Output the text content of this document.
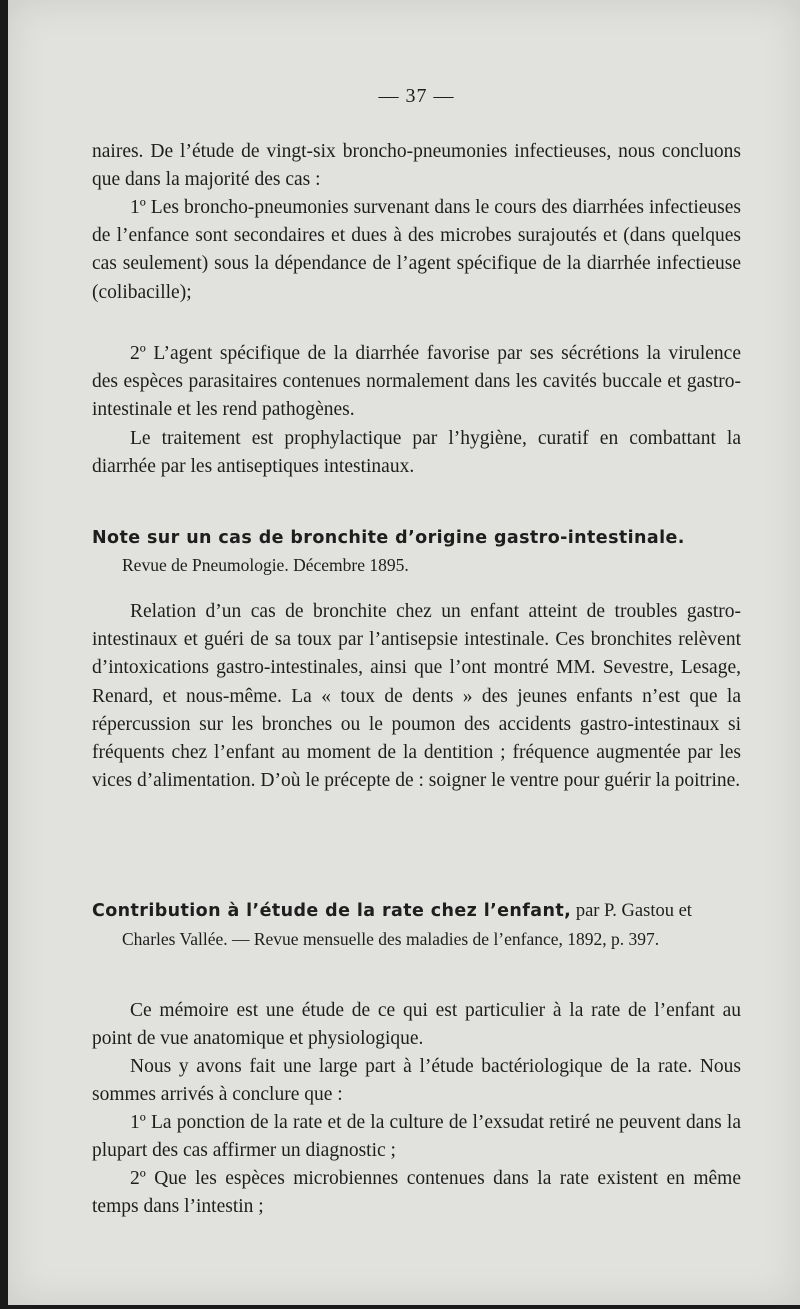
— 37 —

naires. De l’étude de vingt-six broncho-pneumonies infectieuses, nous concluons que dans la majorité des cas :

1º Les broncho-pneumonies survenant dans le cours des diarrhées infectieuses de l’enfance sont secondaires et dues à des microbes surajoutés et (dans quelques cas seulement) sous la dépendance de l’agent spécifique de la diarrhée infectieuse (colibacille);

2º L’agent spécifique de la diarrhée favorise par ses sécrétions la virulence des espèces parasitaires contenues normalement dans les cavités buccale et gastro-intestinale et les rend pathogènes.

Le traitement est prophylactique par l’hygiène, curatif en combattant la diarrhée par les antiseptiques intestinaux.

Note sur un cas de bronchite d’origine gastro-intestinale.
Revue de Pneumologie. Décembre 1895.

Relation d’un cas de bronchite chez un enfant atteint de troubles gastro-intestinaux et guéri de sa toux par l’antisepsie intestinale. Ces bronchites relèvent d’intoxications gastro-intestinales, ainsi que l’ont montré MM. Sevestre, Lesage, Renard, et nous-même. La « toux de dents » des jeunes enfants n’est que la répercussion sur les bronches ou le poumon des accidents gastro-intestinaux si fréquents chez l’enfant au moment de la dentition ; fréquence augmentée par les vices d’alimentation. D’où le précepte de : soigner le ventre pour guérir la poitrine.

Contribution à l’étude de la rate chez l’enfant, par P. Gastou et
Charles Vallée. — Revue mensuelle des maladies de l’enfance, 1892, p. 397.

Ce mémoire est une étude de ce qui est particulier à la rate de l’enfant au point de vue anatomique et physiologique.

Nous y avons fait une large part à l’étude bactériologique de la rate. Nous sommes arrivés à conclure que :

1º La ponction de la rate et de la culture de l’exsudat retiré ne peuvent dans la plupart des cas affirmer un diagnostic ;

2º Que les espèces microbiennes contenues dans la rate existent en même temps dans l’intestin ;
